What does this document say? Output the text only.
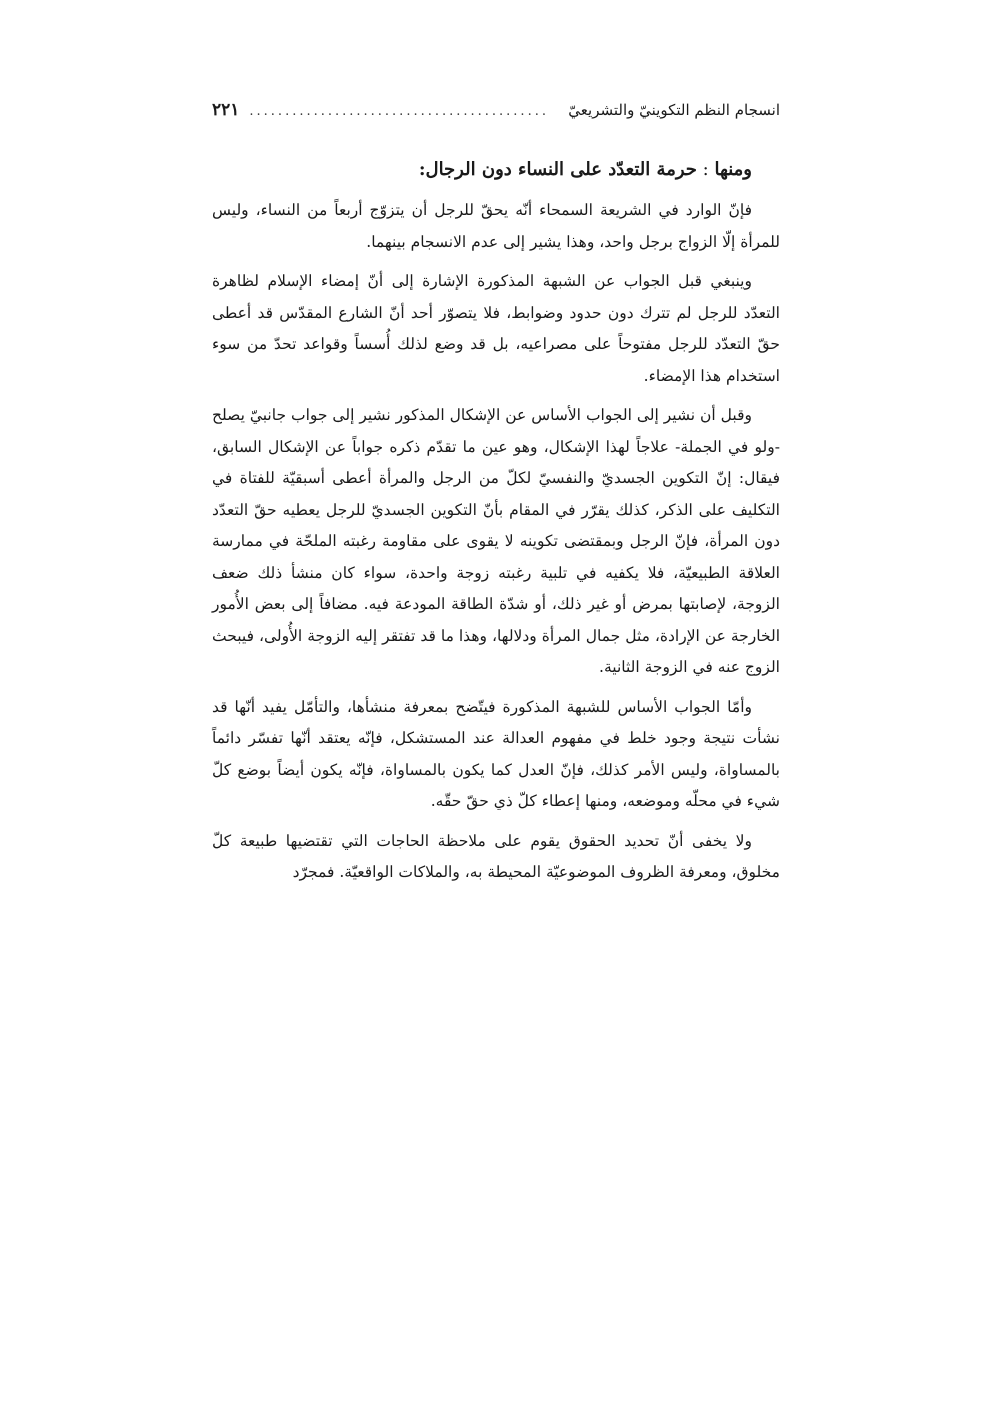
انسجام النظم التكوينيّ والتشريعيّ
..........................................
٢٢١
ومنها : حرمة التعدّد على النساء دون الرجال:

فإنّ الوارد في الشريعة السمحاء أنّه يحقّ للرجل أن يتزوّج أربعاً من النساء، وليس للمرأة إلّا الزواج برجل واحد، وهذا يشير إلى عدم الانسجام بينهما.

وينبغي قبل الجواب عن الشبهة المذكورة الإشارة إلى أنّ إمضاء الإسلام لظاهرة التعدّد للرجل لم تترك دون حدود وضوابط، فلا يتصوّر أحد أنّ الشارع المقدّس قد أعطى حقّ التعدّد للرجل مفتوحاً على مصراعيه، بل قد وضع لذلك أُسساً وقواعد تحدّ من سوء استخدام هذا الإمضاء.

وقبل أن نشير إلى الجواب الأساس عن الإشكال المذكور نشير إلى جواب جانبيّ يصلح -ولو في الجملة- علاجاً لهذا الإشكال، وهو عين ما تقدّم ذكره جواباً عن الإشكال السابق، فيقال: إنّ التكوين الجسديّ والنفسيّ لكلّ من الرجل والمرأة أعطى أسبقيّة للفتاة في التكليف على الذكر، كذلك يقرّر في المقام بأنّ التكوين الجسديّ للرجل يعطيه حقّ التعدّد دون المرأة، فإنّ الرجل وبمقتضى تكوينه لا يقوى على مقاومة رغبته الملحّة في ممارسة العلاقة الطبيعيّة، فلا يكفيه في تلبية رغبته زوجة واحدة، سواء كان منشأ ذلك ضعف الزوجة، لإصابتها بمرض أو غير ذلك، أو شدّة الطاقة المودعة فيه. مضافاً إلى بعض الأُمور الخارجة عن الإرادة، مثل جمال المرأة ودلالها، وهذا ما قد تفتقر إليه الزوجة الأُولى، فيبحث الزوج عنه في الزوجة الثانية.

وأمّا الجواب الأساس للشبهة المذكورة فيتّضح بمعرفة منشأها، والتأمّل يفيد أنّها قد نشأت نتيجة وجود خلط في مفهوم العدالة عند المستشكل، فإنّه يعتقد أنّها تفسّر دائماً بالمساواة، وليس الأمر كذلك، فإنّ العدل كما يكون بالمساواة، فإنّه يكون أيضاً بوضع كلّ شيء في محلّه وموضعه، ومنها إعطاء كلّ ذي حقّ حقّه.

ولا يخفى أنّ تحديد الحقوق يقوم على ملاحظة الحاجات التي تقتضيها طبيعة كلّ مخلوق، ومعرفة الظروف الموضوعيّة المحيطة به، والملاكات الواقعيّة. فمجرّد
